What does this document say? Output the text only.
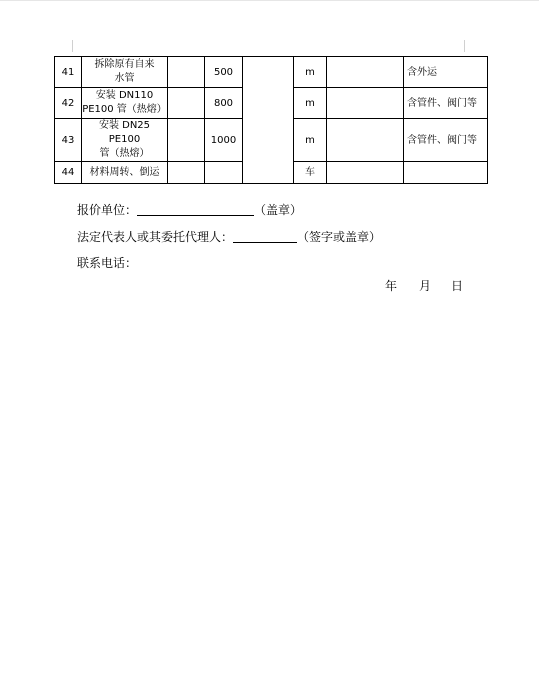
41	拆除原有自来
水管		500		m		含外运
42	安装 DN110
PE100 管（热熔）		800		m		含管件、阀门等
43	安装 DN25 PE100
管（热熔）		1000		m		含管件、阀门等
44	材料周转、倒运				车		
报价单位：	（盖章）
法定代表人或其委托代理人：	（签字或盖章）
联系电话：
年 月 日
